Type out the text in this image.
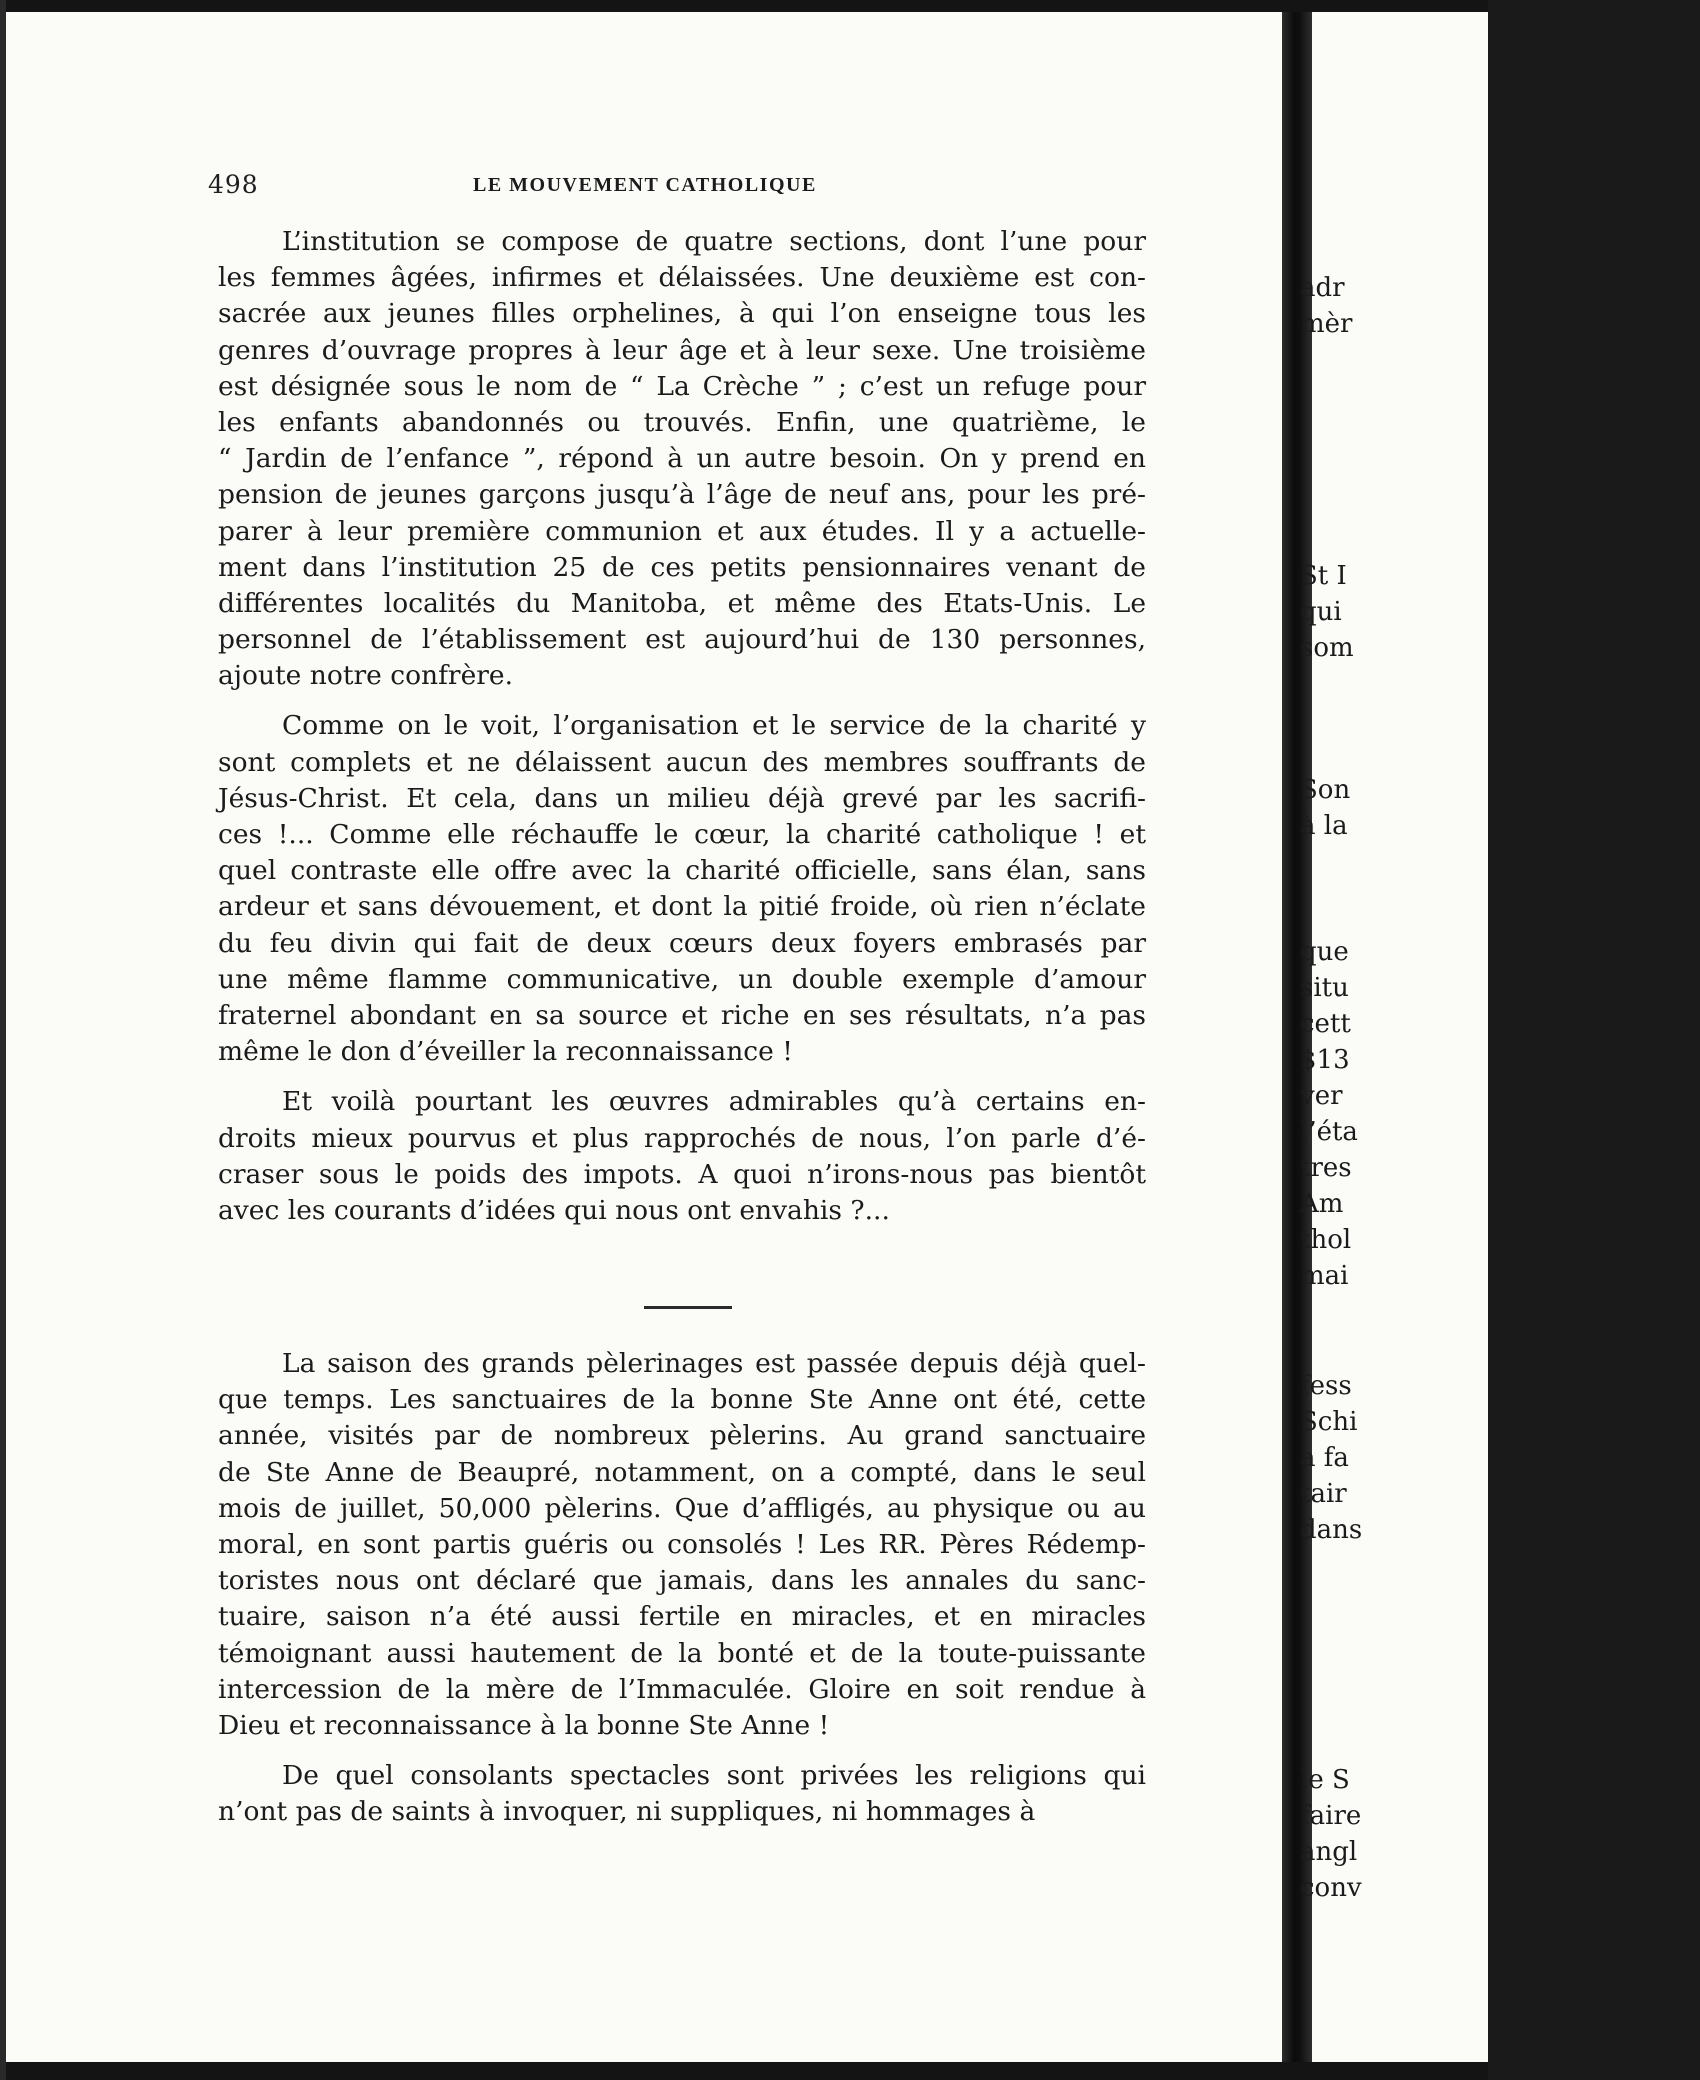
adr
mèr
St I
qui
som
Son
à la
que
situ
cett
$13
ver
l’éta
tres
Am
thol
mai
fess
Schi
a fa
tair
dans
le S
faire
angl
conv
498	LE MOUVEMENT CATHOLIQUE
L’institution se compose de quatre sections, dont l’une pour
les femmes âgées, infirmes et délaissées. Une deuxième est con-
sacrée aux jeunes filles orphelines, à qui l’on enseigne tous les
genres d’ouvrage propres à leur âge et à leur sexe. Une troisième
est désignée sous le nom de “ La Crèche ” ; c’est un refuge pour
les enfants abandonnés ou trouvés. Enfin, une quatrième, le
“ Jardin de l’enfance ”, répond à un autre besoin. On y prend en
pension de jeunes garçons jusqu’à l’âge de neuf ans, pour les pré-
parer à leur première communion et aux études. Il y a actuelle-
ment dans l’institution 25 de ces petits pensionnaires venant de
différentes localités du Manitoba, et même des Etats-Unis. Le
personnel de l’établissement est aujourd’hui de 130 personnes,
ajoute notre confrère.
Comme on le voit, l’organisation et le service de la charité y
sont complets et ne délaissent aucun des membres souffrants de
Jésus-Christ. Et cela, dans un milieu déjà grevé par les sacrifi-
ces !... Comme elle réchauffe le cœur, la charité catholique ! et
quel contraste elle offre avec la charité officielle, sans élan, sans
ardeur et sans dévouement, et dont la pitié froide, où rien n’éclate
du feu divin qui fait de deux cœurs deux foyers embrasés par
une même flamme communicative, un double exemple d’amour
fraternel abondant en sa source et riche en ses résultats, n’a pas
même le don d’éveiller la reconnaissance !
Et voilà pourtant les œuvres admirables qu’à certains en-
droits mieux pourvus et plus rapprochés de nous, l’on parle d’é-
craser sous le poids des impots. A quoi n’irons-nous pas bientôt
avec les courants d’idées qui nous ont envahis ?...
La saison des grands pèlerinages est passée depuis déjà quel-
que temps. Les sanctuaires de la bonne Ste Anne ont été, cette
année, visités par de nombreux pèlerins. Au grand sanctuaire
de Ste Anne de Beaupré, notamment, on a compté, dans le seul
mois de juillet, 50,000 pèlerins. Que d’affligés, au physique ou au
moral, en sont partis guéris ou consolés ! Les RR. Pères Rédemp-
toristes nous ont déclaré que jamais, dans les annales du sanc-
tuaire, saison n’a été aussi fertile en miracles, et en miracles
témoignant aussi hautement de la bonté et de la toute-puissante
intercession de la mère de l’Immaculée. Gloire en soit rendue à
Dieu et reconnaissance à la bonne Ste Anne !
De quel consolants spectacles sont privées les religions qui
n’ont pas de saints à invoquer, ni suppliques, ni hommages à
